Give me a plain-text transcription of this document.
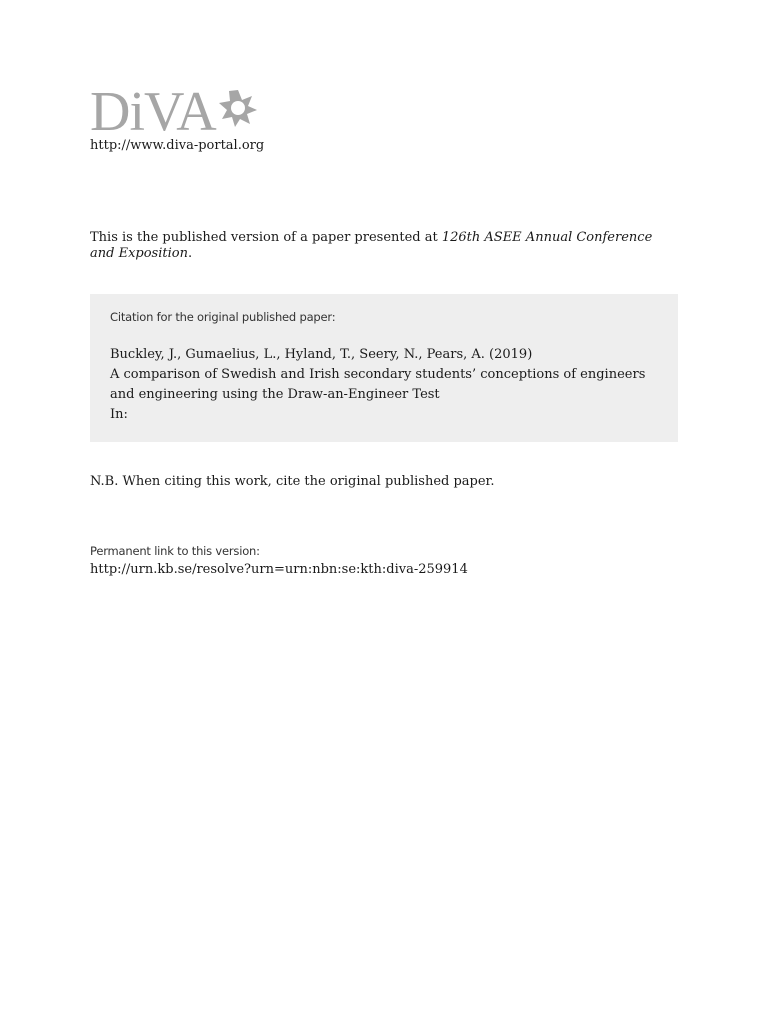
DiVA
http://www.diva-portal.org
This is the published version of a paper presented at 126th ASEE Annual Conference and Exposition.
Citation for the original published paper:
Buckley, J., Gumaelius, L., Hyland, T., Seery, N., Pears, A. (2019)
A comparison of Swedish and Irish secondary students’ conceptions of engineers and engineering using the Draw-an-Engineer Test
In:
N.B. When citing this work, cite the original published paper.
Permanent link to this version:
http://urn.kb.se/resolve?urn=urn:nbn:se:kth:diva-259914
